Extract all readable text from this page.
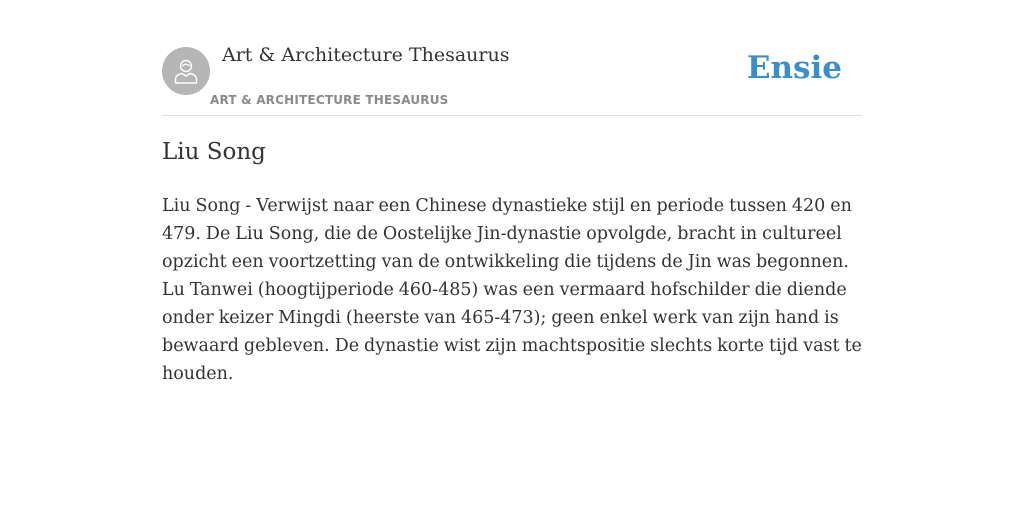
Art & Architecture Thesaurus
ART & ARCHITECTURE THESAURUS
Ensie
Liu Song

Liu Song - Verwijst naar een Chinese dynastieke stijl en periode tussen 420 en 479. De Liu Song, die de Oostelijke Jin-dynastie opvolgde, bracht in cultureel opzicht een voortzetting van de ontwikkeling die tijdens de Jin was begonnen. Lu Tanwei (hoogtijperiode 460-485) was een vermaard hofschilder die diende onder keizer Mingdi (heerste van 465-473); geen enkel werk van zijn hand is bewaard gebleven. De dynastie wist zijn machtspositie slechts korte tijd vast te houden.
